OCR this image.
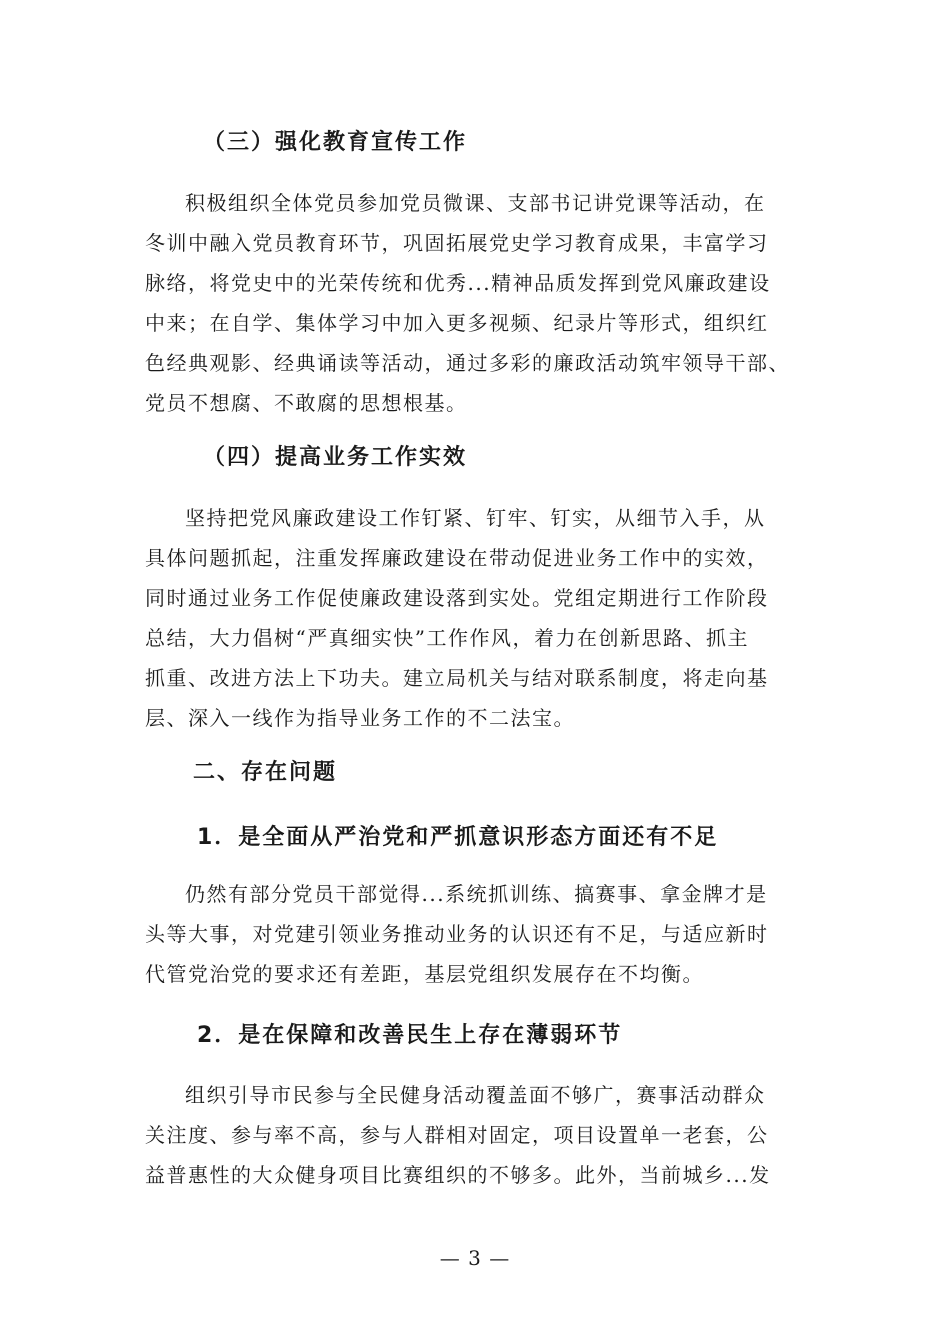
（三）强化教育宣传工作

积极组织全体党员参加党员微课、支部书记讲党课等活动，在
冬训中融入党员教育环节，巩固拓展党史学习教育成果，丰富学习
脉络，将党史中的光荣传统和优秀...精神品质发挥到党风廉政建设
中来；在自学、集体学习中加入更多视频、纪录片等形式，组织红
色经典观影、经典诵读等活动，通过多彩的廉政活动筑牢领导干部、
党员不想腐、不敢腐的思想根基。

（四）提高业务工作实效

坚持把党风廉政建设工作钉紧、钉牢、钉实，从细节入手，从
具体问题抓起，注重发挥廉政建设在带动促进业务工作中的实效，
同时通过业务工作促使廉政建设落到实处。党组定期进行工作阶段
总结，大力倡树“严真细实快”工作作风，着力在创新思路、抓主
抓重、改进方法上下功夫。建立局机关与结对联系制度，将走向基
层、深入一线作为指导业务工作的不二法宝。

二、存在问题
1．是全面从严治党和严抓意识形态方面还有不足

仍然有部分党员干部觉得...系统抓训练、搞赛事、拿金牌才是
头等大事，对党建引领业务推动业务的认识还有不足，与适应新时
代管党治党的要求还有差距，基层党组织发展存在不均衡。

2．是在保障和改善民生上存在薄弱环节

组织引导市民参与全民健身活动覆盖面不够广，赛事活动群众
关注度、参与率不高，参与人群相对固定，项目设置单一老套，公
益普惠性的大众健身项目比赛组织的不够多。此外，当前城乡...发

— 3 —
